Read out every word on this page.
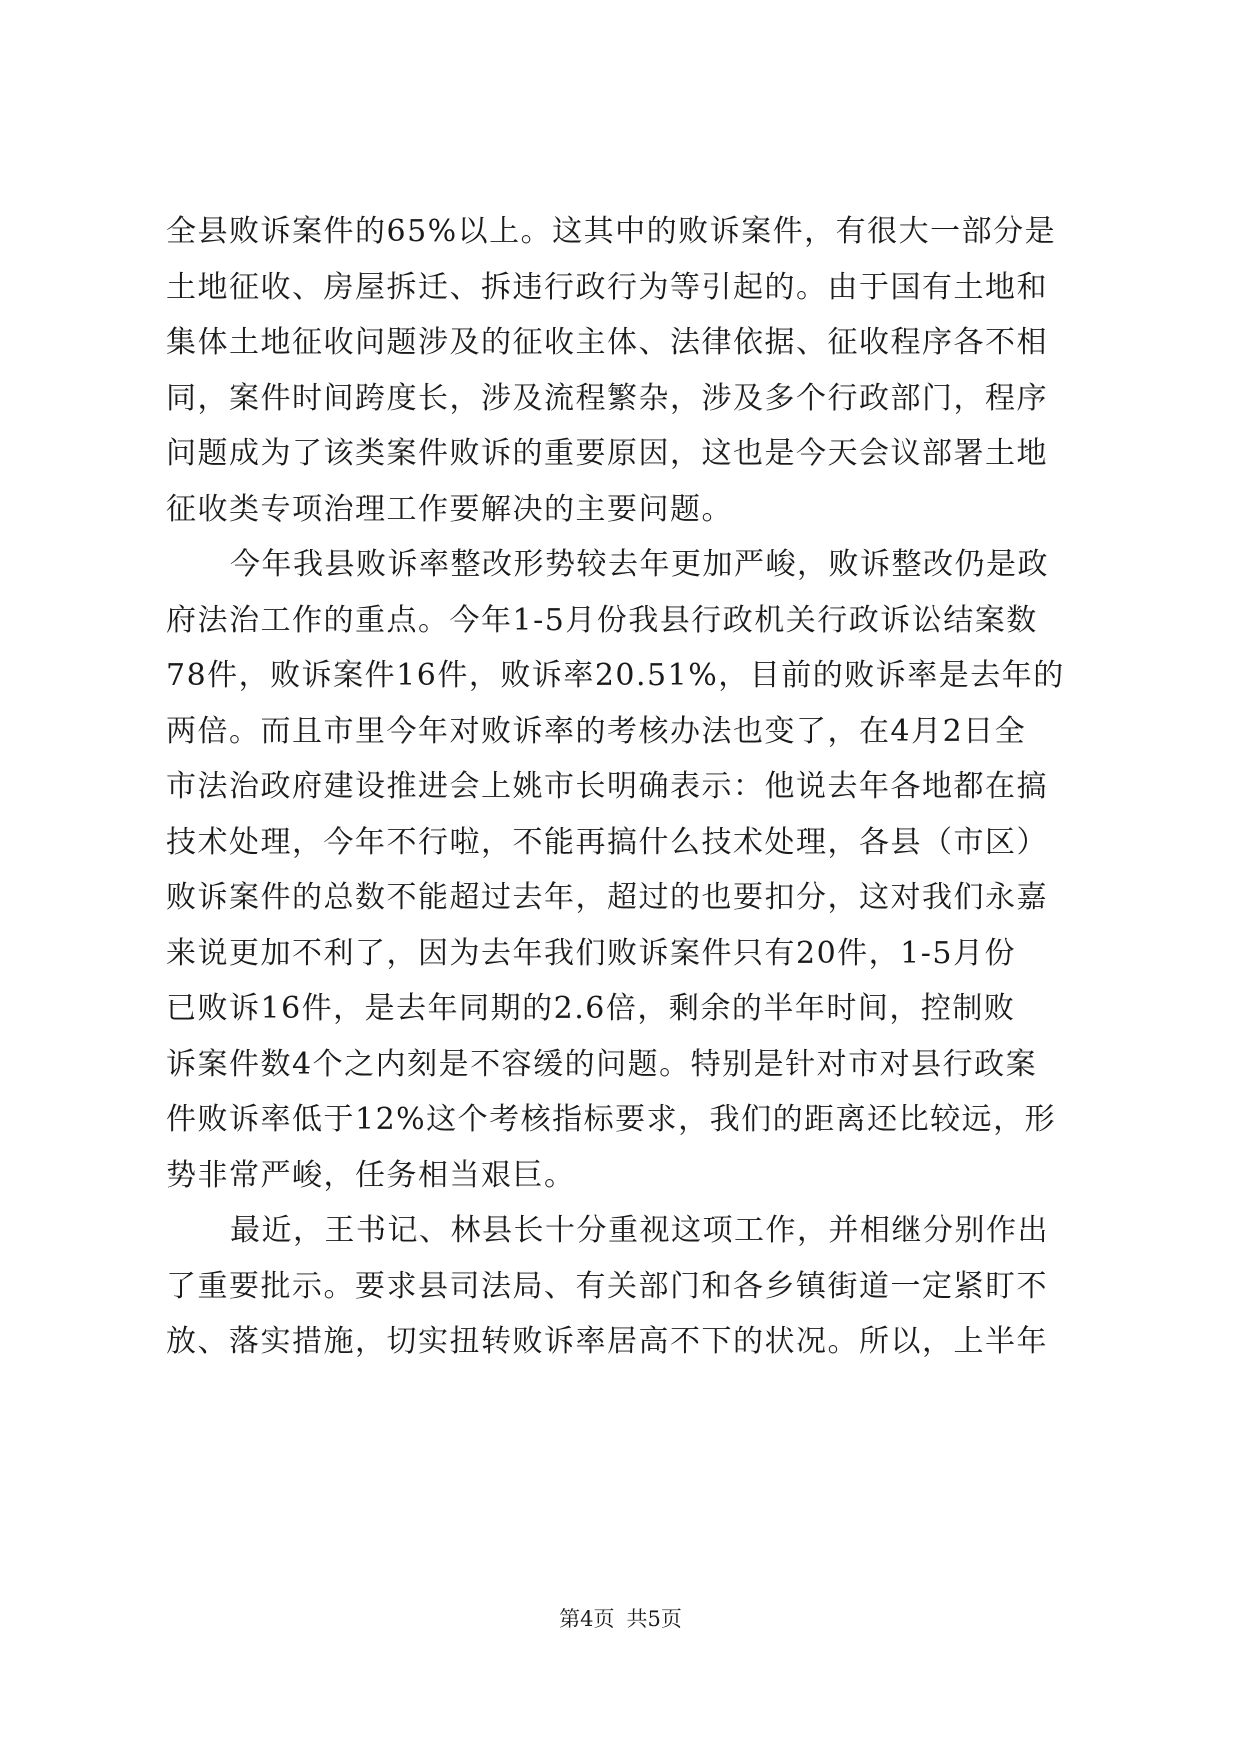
全县败诉案件的65%以上。这其中的败诉案件，有很大一部分是
土地征收、房屋拆迁、拆违行政行为等引起的。由于国有土地和
集体土地征收问题涉及的征收主体、法律依据、征收程序各不相
同，案件时间跨度长，涉及流程繁杂，涉及多个行政部门，程序
问题成为了该类案件败诉的重要原因，这也是今天会议部署土地
征收类专项治理工作要解决的主要问题。
今年我县败诉率整改形势较去年更加严峻，败诉整改仍是政
府法治工作的重点。今年1-5月份我县行政机关行政诉讼结案数
78件，败诉案件16件，败诉率20.51%，目前的败诉率是去年的
两倍。而且市里今年对败诉率的考核办法也变了，在4月2日全
市法治政府建设推进会上姚市长明确表示：他说去年各地都在搞
技术处理，今年不行啦，不能再搞什么技术处理，各县（市区）
败诉案件的总数不能超过去年，超过的也要扣分，这对我们永嘉
来说更加不利了，因为去年我们败诉案件只有20件，1-5月份
已败诉16件，是去年同期的2.6倍，剩余的半年时间，控制败
诉案件数4个之内刻是不容缓的问题。特别是针对市对县行政案
件败诉率低于12%这个考核指标要求，我们的距离还比较远，形
势非常严峻，任务相当艰巨。
最近，王书记、林县长十分重视这项工作，并相继分别作出
了重要批示。要求县司法局、有关部门和各乡镇街道一定紧盯不
放、落实措施，切实扭转败诉率居高不下的状况。所以，上半年
第4页 共5页
